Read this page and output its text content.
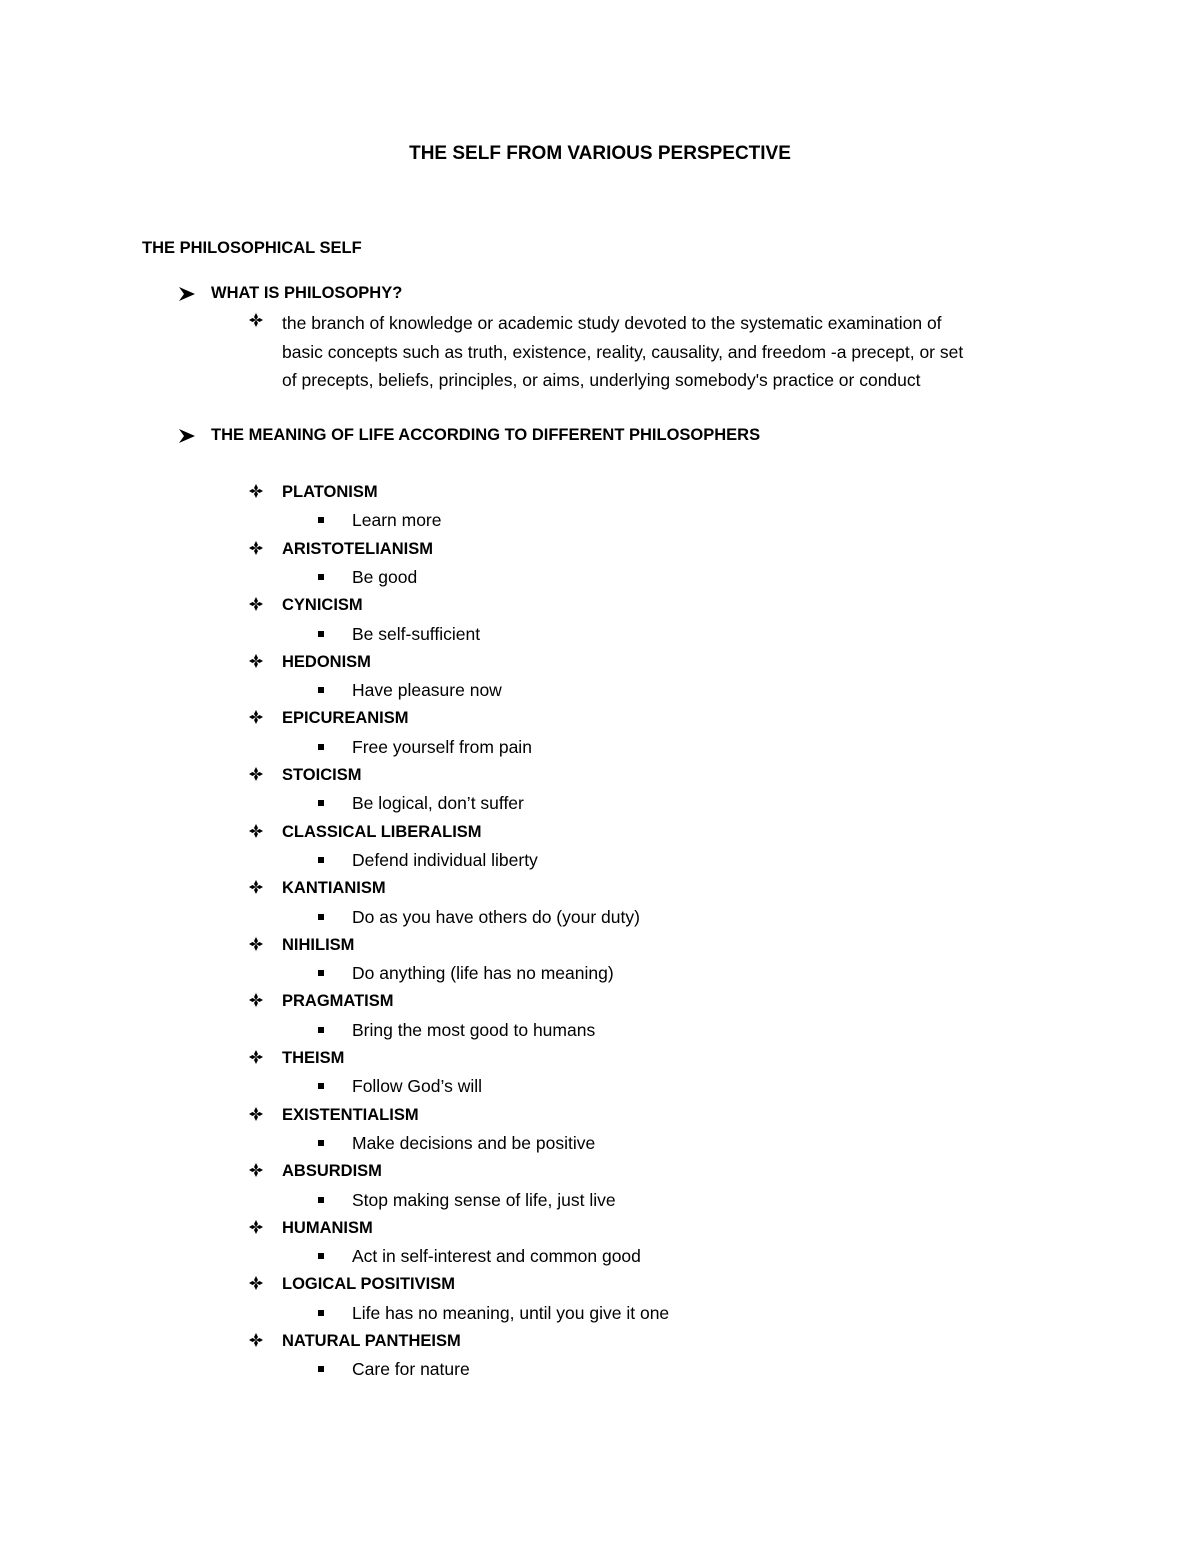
THE SELF FROM VARIOUS PERSPECTIVE
THE PHILOSOPHICAL SELF
WHAT IS PHILOSOPHY?
the branch of knowledge or academic study devoted to the systematic examination of
basic concepts such as truth, existence, reality, causality, and freedom -a precept, or set
of precepts, beliefs, principles, or aims, underlying somebody's practice or conduct
THE MEANING OF LIFE ACCORDING TO DIFFERENT PHILOSOPHERS
PLATONISM
Learn more
ARISTOTELIANISM
Be good
CYNICISM
Be self-sufficient
HEDONISM
Have pleasure now
EPICUREANISM
Free yourself from pain
STOICISM
Be logical, don’t suffer
CLASSICAL LIBERALISM
Defend individual liberty
KANTIANISM
Do as you have others do (your duty)
NIHILISM
Do anything (life has no meaning)
PRAGMATISM
Bring the most good to humans
THEISM
Follow God’s will
EXISTENTIALISM
Make decisions and be positive
ABSURDISM
Stop making sense of life, just live
HUMANISM
Act in self-interest and common good
LOGICAL POSITIVISM
Life has no meaning, until you give it one
NATURAL PANTHEISM
Care for nature
